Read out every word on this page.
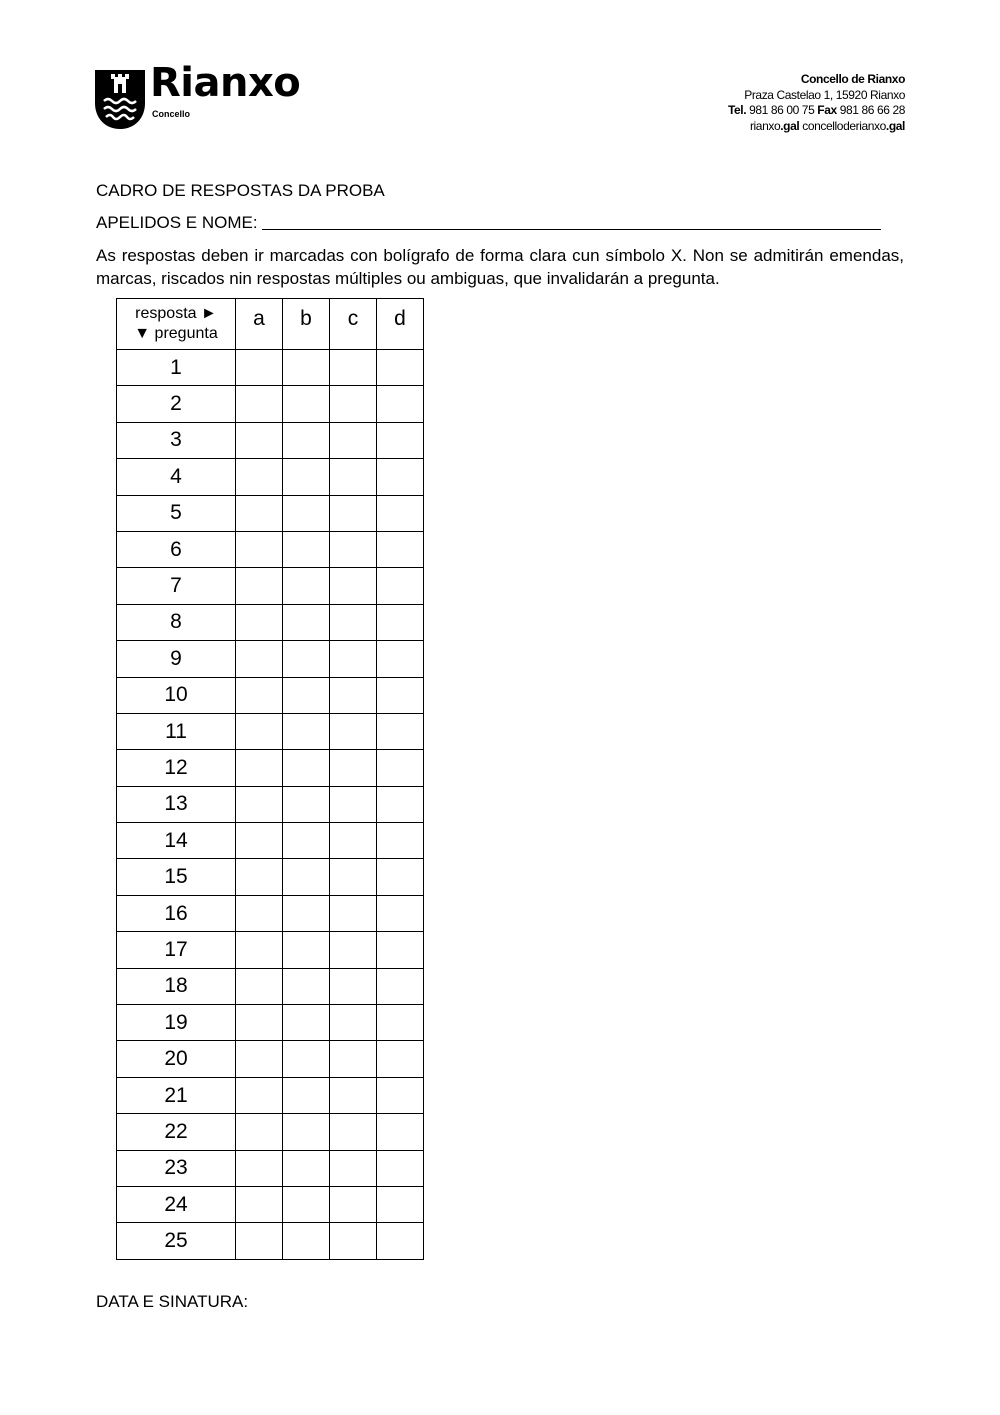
Rianxo
Concello
Concello de Rianxo
Praza Castelao 1, 15920 Rianxo
Tel. 981 86 00 75 Fax 981 86 66 28
rianxo.gal concelloderianxo.gal
CADRO DE RESPOSTAS DA PROBA
APELIDOS E NOME:
As respostas deben ir marcadas con bolígrafo de forma clara cun símbolo X. Non se admitirán emendas, marcas, riscados nin respostas múltiples ou ambiguas, que invalidarán a pregunta.
resposta ►
▼ pregunta	a	b	c	d
1				
2				
3				
4				
5				
6				
7				
8				
9				
10				
11				
12				
13				
14				
15				
16				
17				
18				
19				
20				
21				
22				
23				
24				
25				
DATA E SINATURA:
